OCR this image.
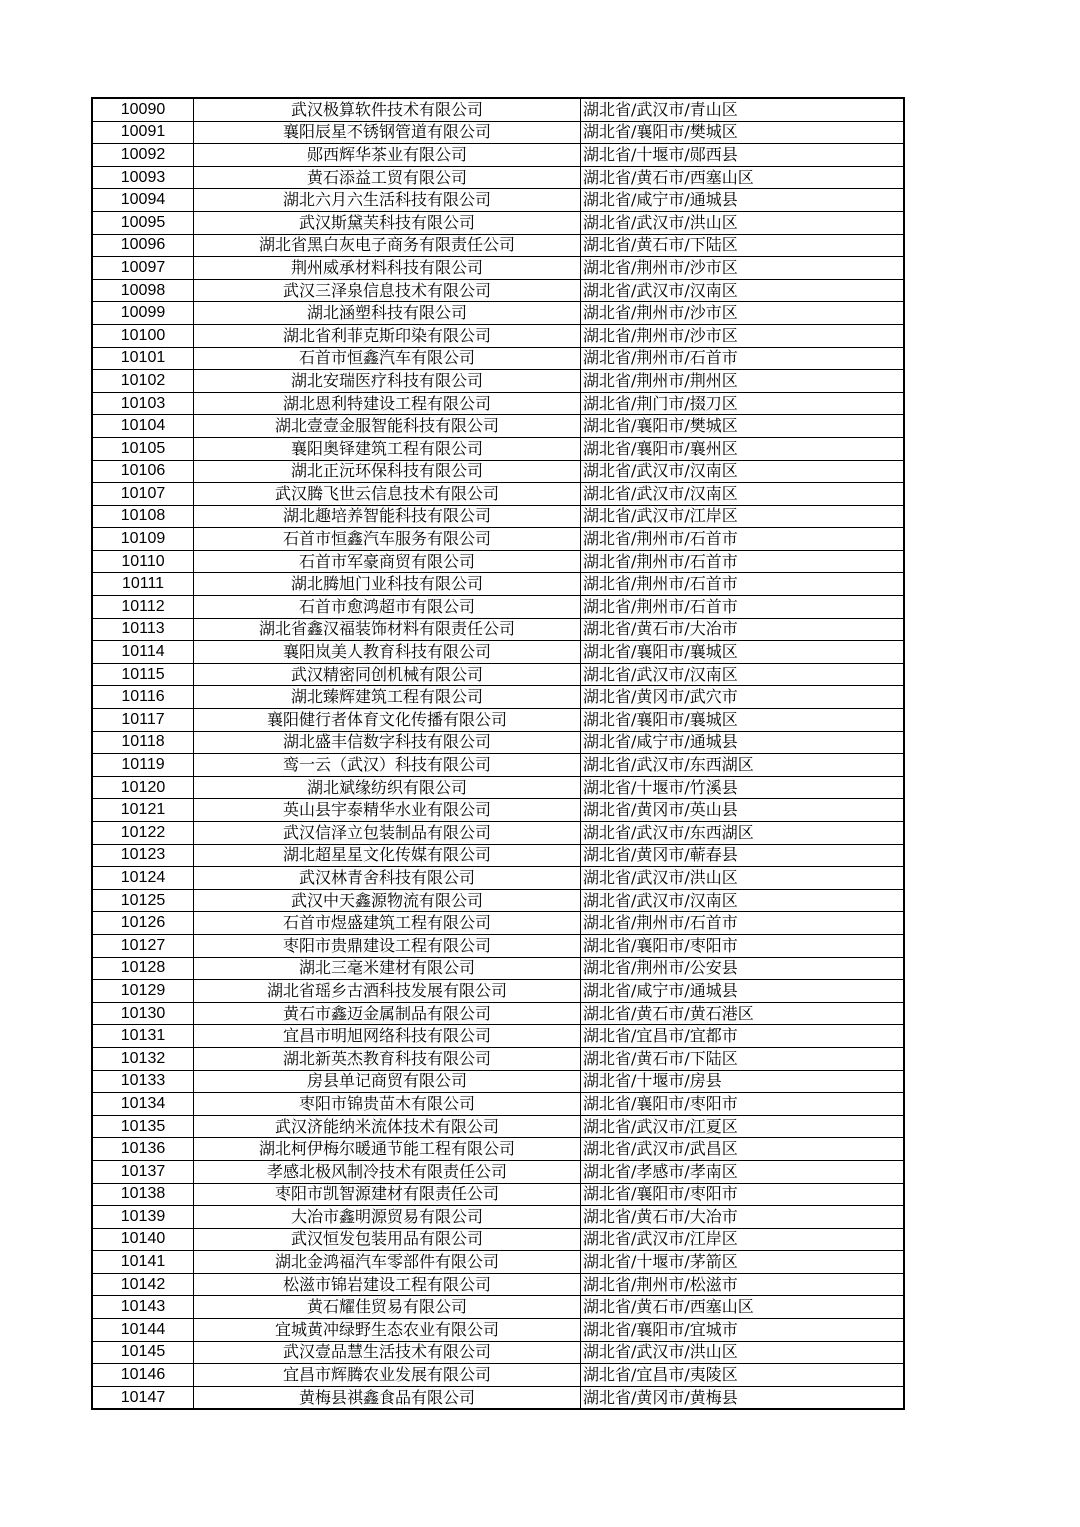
10090	武汉极算软件技术有限公司	湖北省/武汉市/青山区
10091	襄阳辰星不锈钢管道有限公司	湖北省/襄阳市/樊城区
10092	郧西辉华茶业有限公司	湖北省/十堰市/郧西县
10093	黄石添益工贸有限公司	湖北省/黄石市/西塞山区
10094	湖北六月六生活科技有限公司	湖北省/咸宁市/通城县
10095	武汉斯黛芙科技有限公司	湖北省/武汉市/洪山区
10096	湖北省黑白灰电子商务有限责任公司	湖北省/黄石市/下陆区
10097	荆州威承材料科技有限公司	湖北省/荆州市/沙市区
10098	武汉三泽泉信息技术有限公司	湖北省/武汉市/汉南区
10099	湖北涵塑科技有限公司	湖北省/荆州市/沙市区
10100	湖北省利菲克斯印染有限公司	湖北省/荆州市/沙市区
10101	石首市恒鑫汽车有限公司	湖北省/荆州市/石首市
10102	湖北安瑞医疗科技有限公司	湖北省/荆州市/荆州区
10103	湖北恩利特建设工程有限公司	湖北省/荆门市/掇刀区
10104	湖北壹壹金服智能科技有限公司	湖北省/襄阳市/樊城区
10105	襄阳奥铎建筑工程有限公司	湖北省/襄阳市/襄州区
10106	湖北正沅环保科技有限公司	湖北省/武汉市/汉南区
10107	武汉腾飞世云信息技术有限公司	湖北省/武汉市/汉南区
10108	湖北趣培养智能科技有限公司	湖北省/武汉市/江岸区
10109	石首市恒鑫汽车服务有限公司	湖北省/荆州市/石首市
10110	石首市军豪商贸有限公司	湖北省/荆州市/石首市
10111	湖北腾旭门业科技有限公司	湖北省/荆州市/石首市
10112	石首市愈鸿超市有限公司	湖北省/荆州市/石首市
10113	湖北省鑫汉福装饰材料有限责任公司	湖北省/黄石市/大冶市
10114	襄阳岚美人教育科技有限公司	湖北省/襄阳市/襄城区
10115	武汉精密同创机械有限公司	湖北省/武汉市/汉南区
10116	湖北臻辉建筑工程有限公司	湖北省/黄冈市/武穴市
10117	襄阳健行者体育文化传播有限公司	湖北省/襄阳市/襄城区
10118	湖北盛丰信数字科技有限公司	湖北省/咸宁市/通城县
10119	鸾一云（武汉）科技有限公司	湖北省/武汉市/东西湖区
10120	湖北斌缘纺织有限公司	湖北省/十堰市/竹溪县
10121	英山县宇泰精华水业有限公司	湖北省/黄冈市/英山县
10122	武汉信泽立包装制品有限公司	湖北省/武汉市/东西湖区
10123	湖北超星星文化传媒有限公司	湖北省/黄冈市/蕲春县
10124	武汉林青舍科技有限公司	湖北省/武汉市/洪山区
10125	武汉中天鑫源物流有限公司	湖北省/武汉市/汉南区
10126	石首市煜盛建筑工程有限公司	湖北省/荆州市/石首市
10127	枣阳市贵鼎建设工程有限公司	湖北省/襄阳市/枣阳市
10128	湖北三毫米建材有限公司	湖北省/荆州市/公安县
10129	湖北省瑶乡古酒科技发展有限公司	湖北省/咸宁市/通城县
10130	黄石市鑫迈金属制品有限公司	湖北省/黄石市/黄石港区
10131	宜昌市明旭网络科技有限公司	湖北省/宜昌市/宜都市
10132	湖北新英杰教育科技有限公司	湖北省/黄石市/下陆区
10133	房县单记商贸有限公司	湖北省/十堰市/房县
10134	枣阳市锦贵苗木有限公司	湖北省/襄阳市/枣阳市
10135	武汉济能纳米流体技术有限公司	湖北省/武汉市/江夏区
10136	湖北柯伊梅尔暖通节能工程有限公司	湖北省/武汉市/武昌区
10137	孝感北极风制冷技术有限责任公司	湖北省/孝感市/孝南区
10138	枣阳市凯智源建材有限责任公司	湖北省/襄阳市/枣阳市
10139	大冶市鑫明源贸易有限公司	湖北省/黄石市/大冶市
10140	武汉恒发包装用品有限公司	湖北省/武汉市/江岸区
10141	湖北金鸿福汽车零部件有限公司	湖北省/十堰市/茅箭区
10142	松滋市锦岩建设工程有限公司	湖北省/荆州市/松滋市
10143	黄石耀佳贸易有限公司	湖北省/黄石市/西塞山区
10144	宜城黄冲绿野生态农业有限公司	湖北省/襄阳市/宜城市
10145	武汉壹品慧生活技术有限公司	湖北省/武汉市/洪山区
10146	宜昌市辉腾农业发展有限公司	湖北省/宜昌市/夷陵区
10147	黄梅县祺鑫食品有限公司	湖北省/黄冈市/黄梅县
